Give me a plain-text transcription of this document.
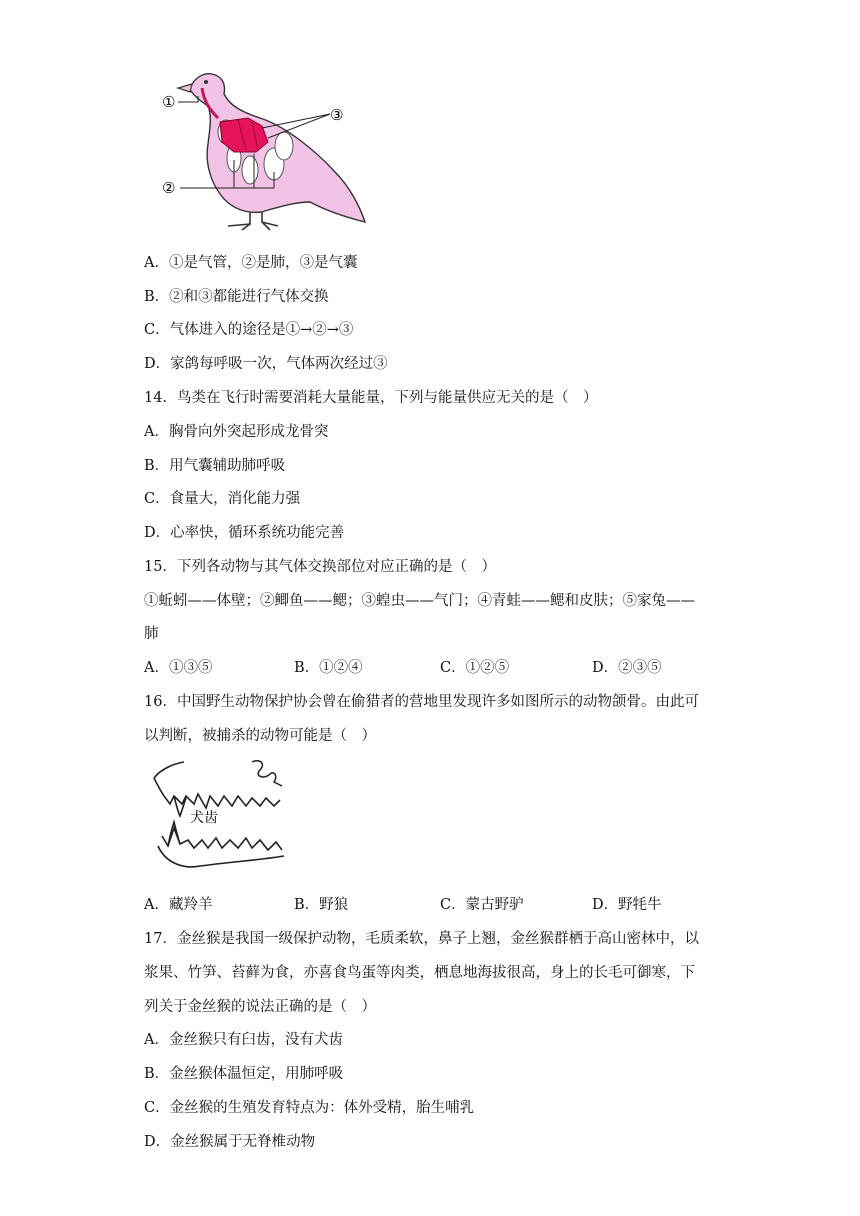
①
②
③
A．①是气管，②是肺，③是气囊
B．②和③都能进行气体交换
C．气体进入的途径是①→②→③
D．家鸽每呼吸一次，气体两次经过③
14．鸟类在飞行时需要消耗大量能量，下列与能量供应无关的是（　）
A．胸骨向外突起形成龙骨突
B．用气囊辅助肺呼吸
C．食量大，消化能力强
D．心率快，循环系统功能完善
15．下列各动物与其气体交换部位对应正确的是（　）
①蚯蚓——体壁；②鲫鱼——鳃；③蝗虫——气门；④青蛙——鳃和皮肤；⑤家兔——
肺
A．①③⑤	B．①②④	C．①②⑤	D．②③⑤
16．中国野生动物保护协会曾在偷猎者的营地里发现许多如图所示的动物颌骨。由此可
以判断，被捕杀的动物可能是（　）
犬齿
A．藏羚羊	B．野狼	C．蒙古野驴	D．野牦牛
17．金丝猴是我国一级保护动物，毛质柔软，鼻子上翘，金丝猴群栖于高山密林中，以
浆果、竹笋、苔藓为食，亦喜食鸟蛋等肉类，栖息地海拔很高，身上的长毛可御寒，下
列关于金丝猴的说法正确的是（　）
A．金丝猴只有臼齿，没有犬齿
B．金丝猴体温恒定，用肺呼吸
C．金丝猴的生殖发育特点为：体外受精，胎生哺乳
D．金丝猴属于无脊椎动物
